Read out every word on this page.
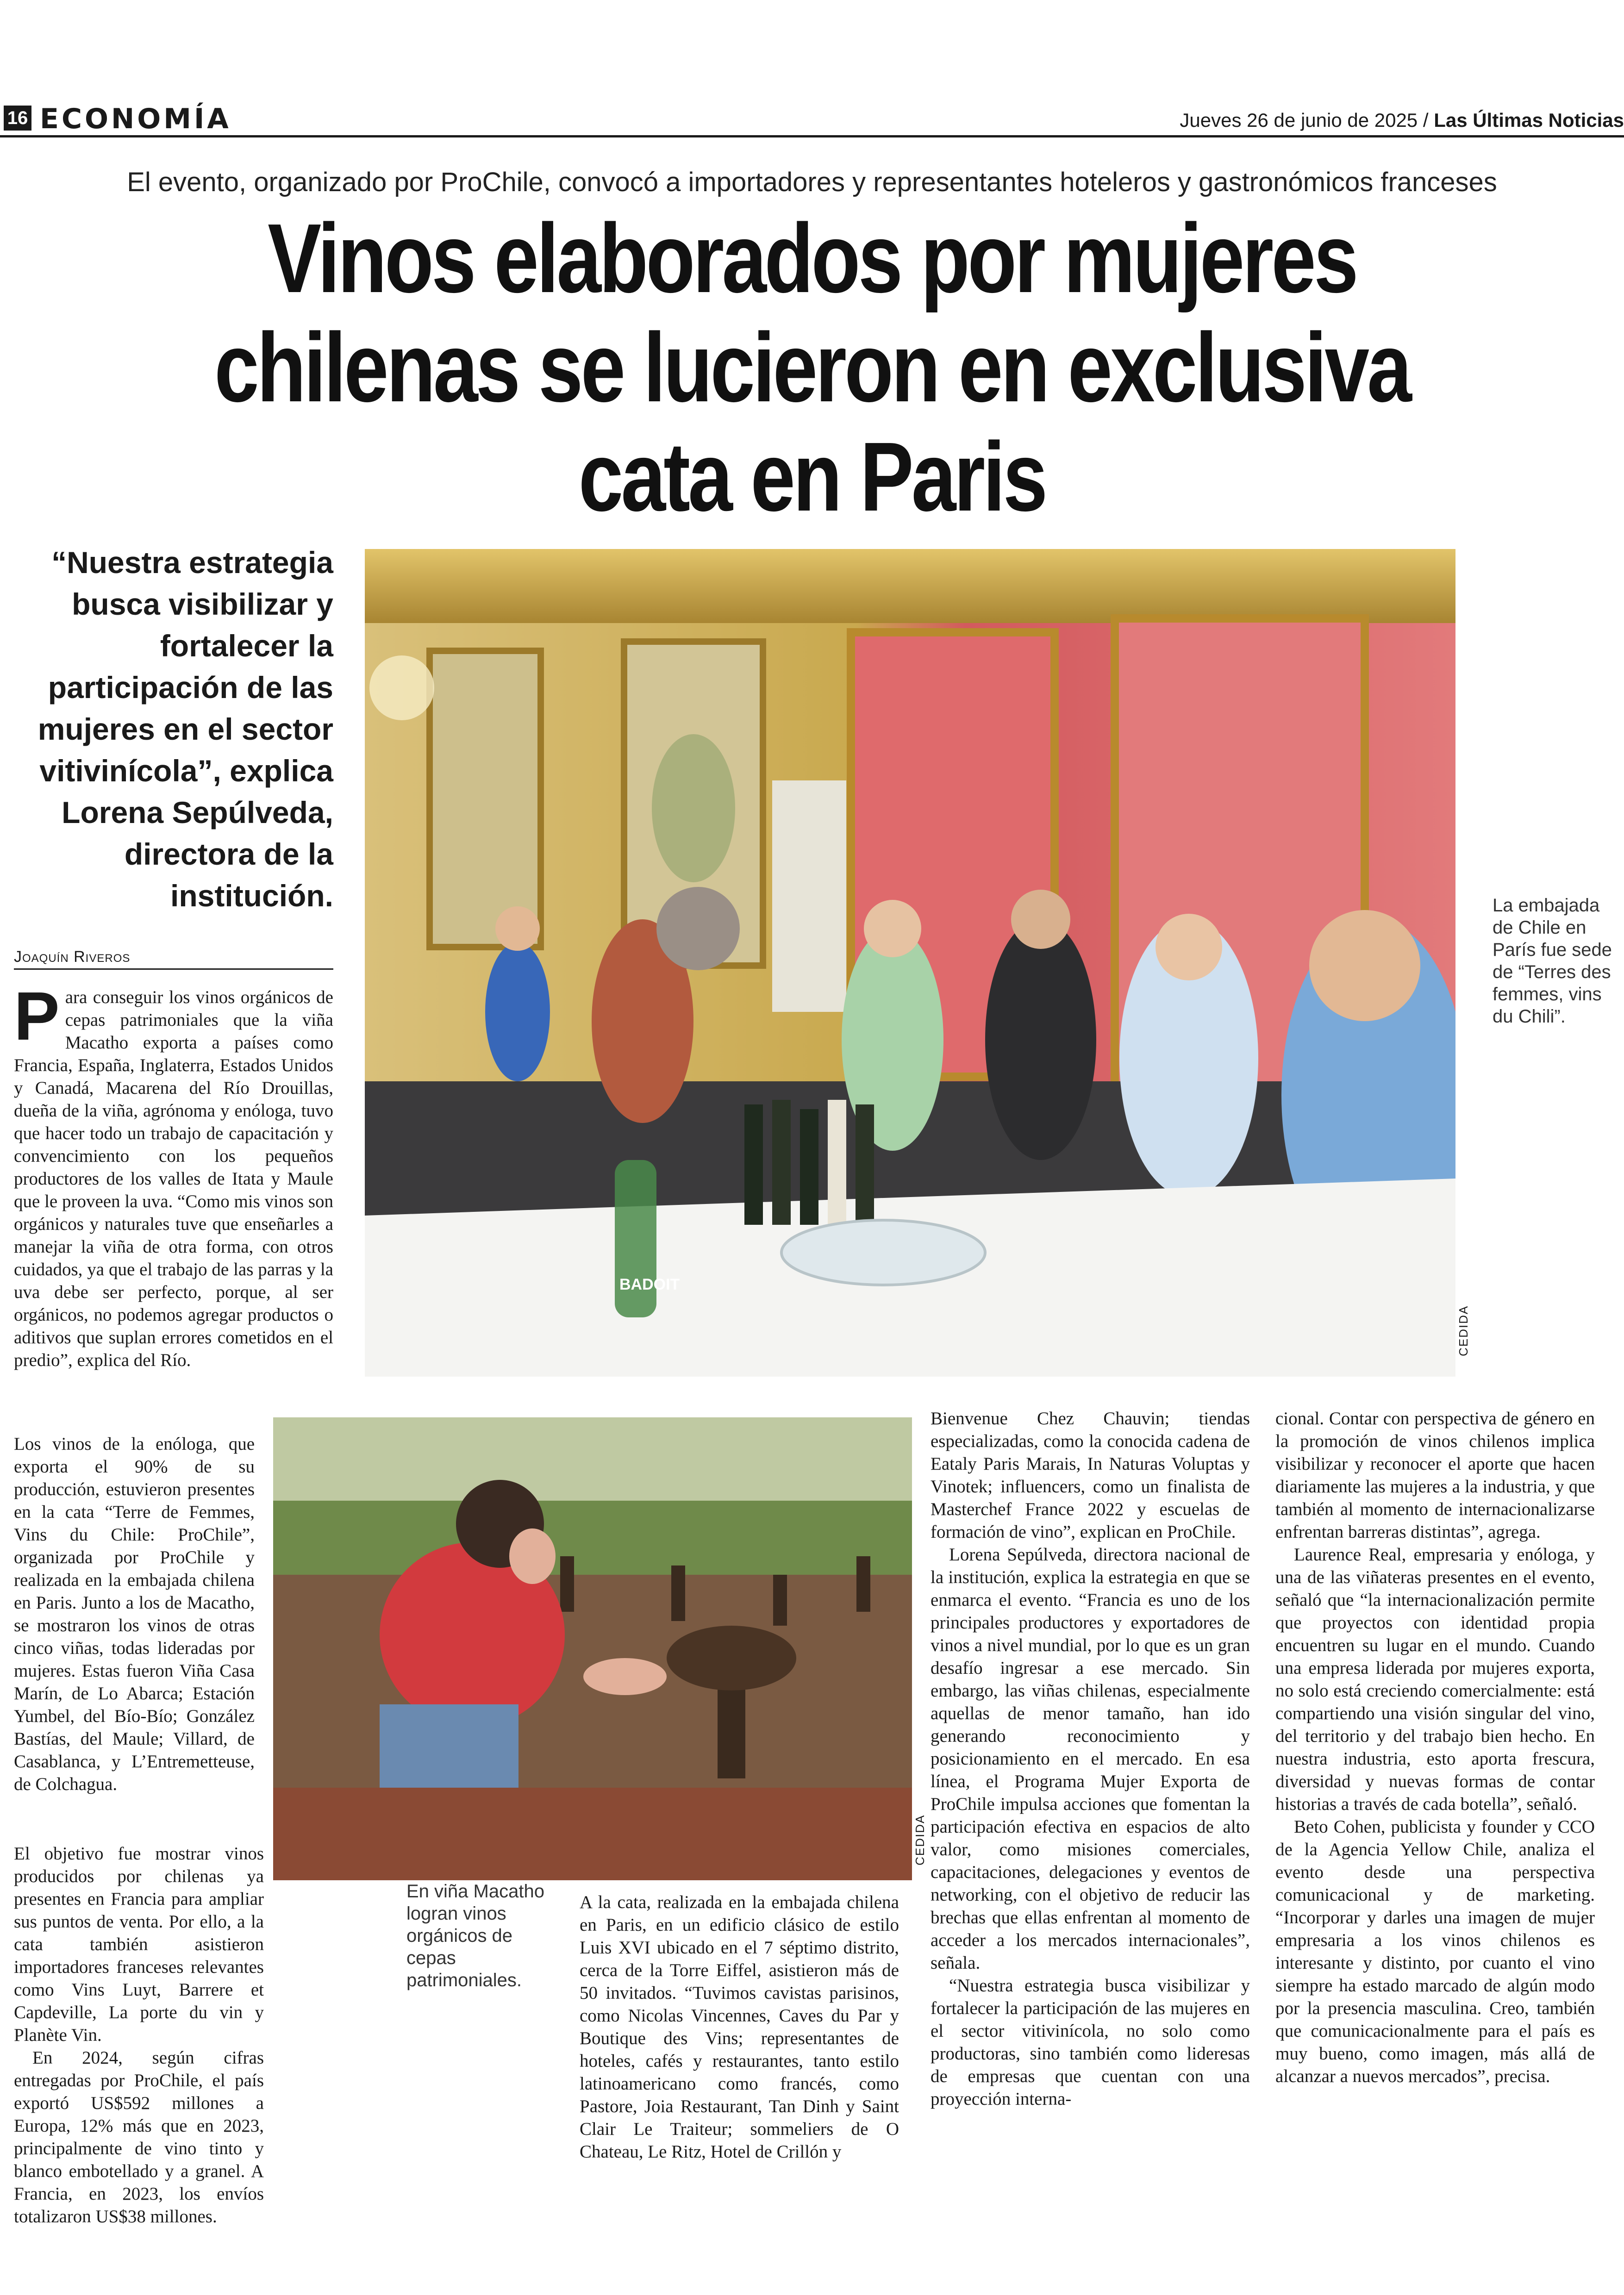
16 ECONOMÍA	Jueves 26 de junio de 2025 / Las Últimas Noticias
El evento, organizado por ProChile, convocó a importadores y representantes hoteleros y gastronómicos franceses
Vinos elaborados por mujeres chilenas se lucieron en exclusiva cata en Paris
“Nuestra estrategia busca visibilizar y fortalecer la participación de las mujeres en el sector vitivinícola”, explica Lorena Sepúlveda, directora de la institución.
Joaquín Riveros
BADOIT
CEDIDA
La embajada de Chile en París fue sede de “Terres des femmes, vins du Chili”.
CEDIDA
En viña Macatho logran vinos orgánicos de cepas patrimoniales.

Para conseguir los vinos orgánicos de cepas patrimoniales que la viña Macatho exporta a países como Francia, España, Inglaterra, Estados Unidos y Canadá, Macarena del Río Drouillas, dueña de la viña, agrónoma y enóloga, tuvo que hacer todo un trabajo de capacitación y convencimiento con los pequeños productores de los valles de Itata y Maule que le proveen la uva. “Como mis vinos son orgánicos y naturales tuve que enseñarles a manejar la viña de otra forma, con otros cuidados, ya que el trabajo de las parras y la uva debe ser perfecto, porque, al ser orgánicos, no podemos agregar productos o aditivos que suplan errores cometidos en el predio”, explica del Río.

Los vinos de la enóloga, que exporta el 90% de su producción, estuvieron presentes en la cata “Terre de Femmes, Vins du Chile: ProChile”, organizada por ProChile y realizada en la embajada chilena en Paris. Junto a los de Macatho, se mostraron los vinos de otras cinco viñas, todas lideradas por mujeres. Estas fueron Viña Casa Marín, de Lo Abarca; Estación Yumbel, del Bío-Bío; González Bastías, del Maule; Villard, de Casablanca, y L’Entremetteuse, de Colchagua.

El objetivo fue mostrar vinos producidos por chilenas ya presentes en Francia para ampliar sus puntos de venta. Por ello, a la cata también asistieron importadores franceses relevantes como Vins Luyt, Barrere et Capdeville, La porte du vin y Planète Vin.

En 2024, según cifras entregadas por ProChile, el país exportó US$592 millones a Europa, 12% más que en 2023, principalmente de vino tinto y blanco embotellado y a granel. A Francia, en 2023, los envíos totalizaron US$38 millones.

A la cata, realizada en la embajada chilena en Paris, en un edificio clásico de estilo Luis XVI ubicado en el 7 séptimo distrito, cerca de la Torre Eiffel, asistieron más de 50 invitados. “Tuvimos cavistas parisinos, como Nicolas Vincennes, Caves du Par y Boutique des Vins; representantes de hoteles, cafés y restaurantes, tanto estilo latinoamericano como francés, como Pastore, Joia Restaurant, Tan Dinh y Saint Clair Le Traiteur; sommeliers de O Chateau, Le Ritz, Hotel de Crillón y

Bienvenue Chez Chauvin; tiendas especializadas, como la conocida cadena de Eataly Paris Marais, In Naturas Voluptas y Vinotek; influencers, como un finalista de Masterchef France 2022 y escuelas de formación de vino”, explican en ProChile.

Lorena Sepúlveda, directora nacional de la institución, explica la estrategia en que se enmarca el evento. “Francia es uno de los principales productores y exportadores de vinos a nivel mundial, por lo que es un gran desafío ingresar a ese mercado. Sin embargo, las viñas chilenas, especialmente aquellas de menor tamaño, han ido generando reconocimiento y posicionamiento en el mercado. En esa línea, el Programa Mujer Exporta de ProChile impulsa acciones que fomentan la participación efectiva en espacios de alto valor, como misiones comerciales, capacitaciones, delegaciones y eventos de networking, con el objetivo de reducir las brechas que ellas enfrentan al momento de acceder a los mercados internacionales”, señala.

“Nuestra estrategia busca visibilizar y fortalecer la participación de las mujeres en el sector vitivinícola, no solo como productoras, sino también como lideresas de empresas que cuentan con una proyección interna-

cional. Contar con perspectiva de género en la promoción de vinos chilenos implica visibilizar y reconocer el aporte que hacen diariamente las mujeres a la industria, y que también al momento de internacionalizarse enfrentan barreras distintas”, agrega.

Laurence Real, empresaria y enóloga, y una de las viñateras presentes en el evento, señaló que “la internacionalización permite que proyectos con identidad propia encuentren su lugar en el mundo. Cuando una empresa liderada por mujeres exporta, no solo está creciendo comercialmente: está compartiendo una visión singular del vino, del territorio y del trabajo bien hecho. En nuestra industria, esto aporta frescura, diversidad y nuevas formas de contar historias a través de cada botella”, señaló.

Beto Cohen, publicista y founder y CCO de la Agencia Yellow Chile, analiza el evento desde una perspectiva comunicacional y de marketing. “Incorporar y darles una imagen de mujer empresaria a los vinos chilenos es interesante y distinto, por cuanto el vino siempre ha estado marcado de algún modo por la presencia masculina. Creo, también que comunicacionalmente para el país es muy bueno, como imagen, más allá de alcanzar a nuevos mercados”, precisa.
